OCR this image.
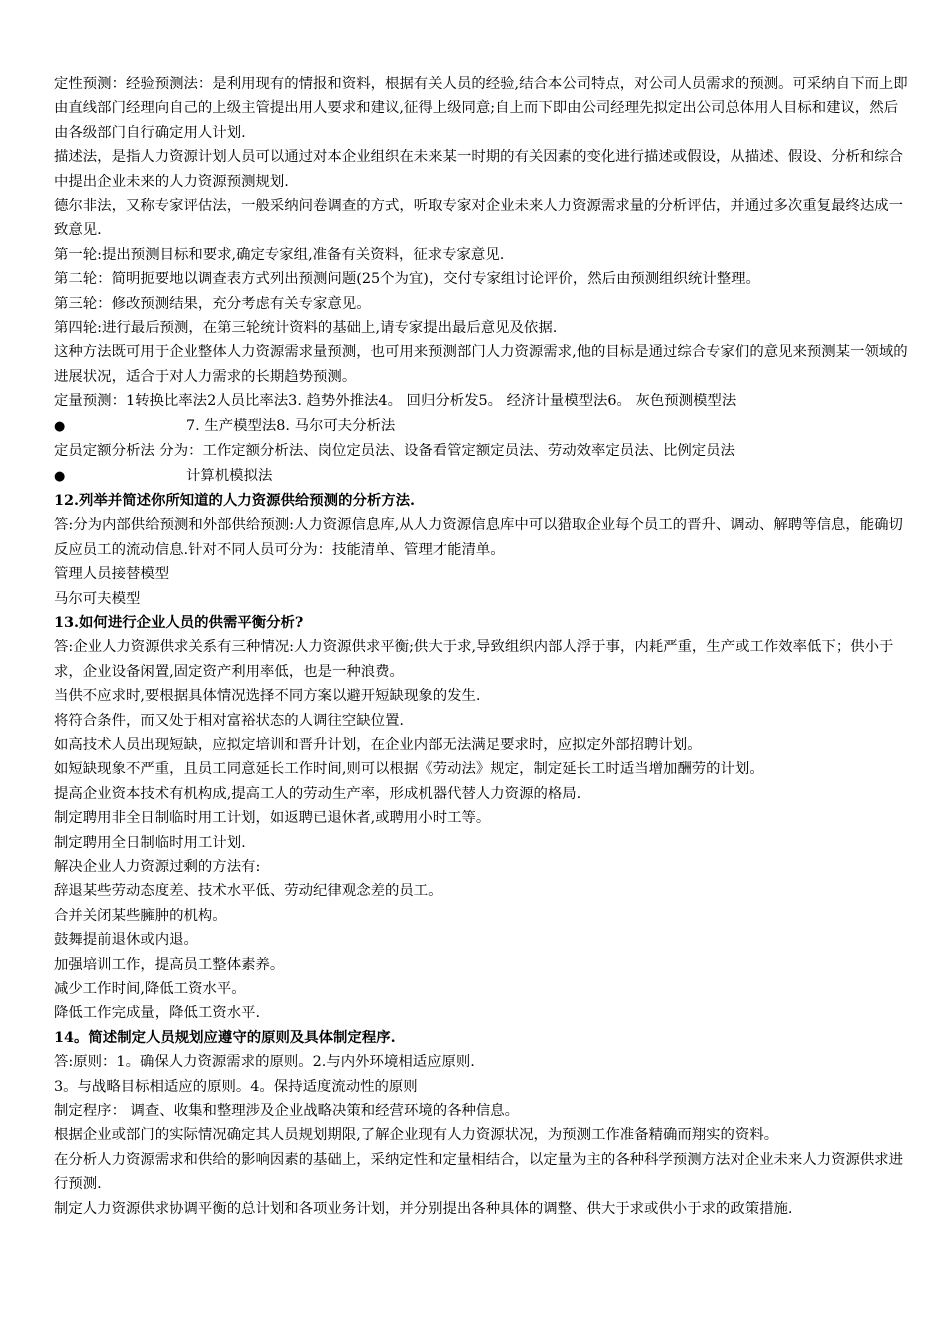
定性预测：经验预测法：是利用现有的情报和资料，根据有关人员的经验,结合本公司特点，对公司人员需求的预测。可采纳自下而上即由直线部门经理向自己的上级主管提出用人要求和建议,征得上级同意;自上而下即由公司经理先拟定出公司总体用人目标和建议，然后由各级部门自行确定用人计划.

描述法，是指人力资源计划人员可以通过对本企业组织在未来某一时期的有关因素的变化进行描述或假设，从描述、假设、分析和综合中提出企业未来的人力资源预测规划.

德尔非法，又称专家评估法，一般采纳问卷调查的方式，听取专家对企业未来人力资源需求量的分析评估，并通过多次重复最终达成一致意见.

第一轮:提出预测目标和要求,确定专家组,准备有关资料，征求专家意见.

第二轮：简明扼要地以调查表方式列出预测问题(25个为宜)，交付专家组讨论评价，然后由预测组织统计整理。

第三轮：修改预测结果，充分考虑有关专家意见。

第四轮:进行最后预测，在第三轮统计资料的基础上,请专家提出最后意见及依据.

这种方法既可用于企业整体人力资源需求量预测，也可用来预测部门人力资源需求,他的目标是通过综合专家们的意见来预测某一领域的进展状况，适合于对人力需求的长期趋势预测。

定量预测：1转换比率法2人员比率法3. 趋势外推法4。 回归分析发5。 经济计量模型法6。 灰色预测模型法

●	7. 生产模型法8. 马尔可夫分析法

定员定额分析法 分为：工作定额分析法、岗位定员法、设备看管定额定员法、劳动效率定员法、比例定员法

●	计算机模拟法

12.列举并简述你所知道的人力资源供给预测的分析方法.

答:分为内部供给预测和外部供给预测:人力资源信息库,从人力资源信息库中可以猎取企业每个员工的晋升、调动、解聘等信息，能确切反应员工的流动信息.针对不同人员可分为：技能清单、管理才能清单。

管理人员接替模型

马尔可夫模型

13.如何进行企业人员的供需平衡分析?

答:企业人力资源供求关系有三种情况:人力资源供求平衡;供大于求,导致组织内部人浮于事，内耗严重，生产或工作效率低下；供小于求，企业设备闲置,固定资产利用率低，也是一种浪费。

当供不应求时,要根据具体情况选择不同方案以避开短缺现象的发生.

将符合条件，而又处于相对富裕状态的人调往空缺位置.

如高技术人员出现短缺，应拟定培训和晋升计划，在企业内部无法满足要求时，应拟定外部招聘计划。

如短缺现象不严重，且员工同意延长工作时间,则可以根据《劳动法》规定，制定延长工时适当增加酬劳的计划。

提高企业资本技术有机构成,提高工人的劳动生产率，形成机器代替人力资源的格局.

制定聘用非全日制临时用工计划，如返聘已退休者,或聘用小时工等。

制定聘用全日制临时用工计划.

解决企业人力资源过剩的方法有:

辞退某些劳动态度差、技术水平低、劳动纪律观念差的员工。

合并关闭某些臃肿的机构。

鼓舞提前退休或内退。

加强培训工作，提高员工整体素养。

减少工作时间,降低工资水平。

降低工作完成量，降低工资水平.

14。简述制定人员规划应遵守的原则及具体制定程序.

答:原则：1。确保人力资源需求的原则。2.与内外环境相适应原则.

3。与战略目标相适应的原则。4。保持适度流动性的原则

制定程序： 调查、收集和整理涉及企业战略决策和经营环境的各种信息。

根据企业或部门的实际情况确定其人员规划期限,了解企业现有人力资源状况，为预测工作准备精确而翔实的资料。

在分析人力资源需求和供给的影响因素的基础上，采纳定性和定量相结合，以定量为主的各种科学预测方法对企业未来人力资源供求进行预测.

制定人力资源供求协调平衡的总计划和各项业务计划，并分别提出各种具体的调整、供大于求或供小于求的政策措施.
